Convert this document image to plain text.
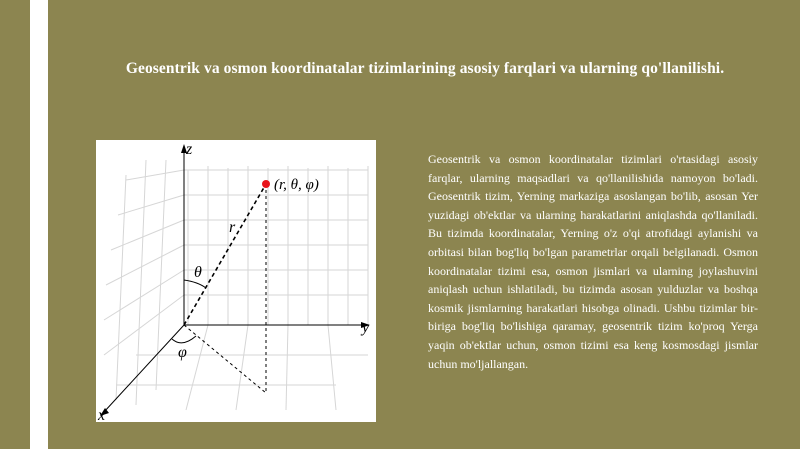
Geosentrik va osmon koordinatalar tizimlarining asosiy farqlari va ularning qo'llanilishi.
z
y
x
r
θ
φ
(r, θ, φ)
Geosentrik va osmon koordinatalar tizimlari o'rtasidagi asosiy farqlar, ularning maqsadlari va qo'llanilishida namoyon bo'ladi. Geosentrik tizim, Yerning markaziga asoslangan bo'lib, asosan Yer yuzidagi ob'ektlar va ularning harakatlarini aniqlashda qo'llaniladi. Bu tizimda koordinatalar, Yerning o'z o'qi atrofidagi aylanishi va orbitasi bilan bog'liq bo'lgan parametrlar orqali belgilanadi. Osmon koordinatalar tizimi esa, osmon jismlari va ularning joylashuvini aniqlash uchun ishlatiladi, bu tizimda asosan yulduzlar va boshqa kosmik jismlarning harakatlari hisobga olinadi. Ushbu tizimlar bir-biriga bog'liq bo'lishiga qaramay, geosentrik tizim ko'proq Yerga yaqin ob'ektlar uchun, osmon tizimi esa keng kosmosdagi jismlar uchun mo'ljallangan.
